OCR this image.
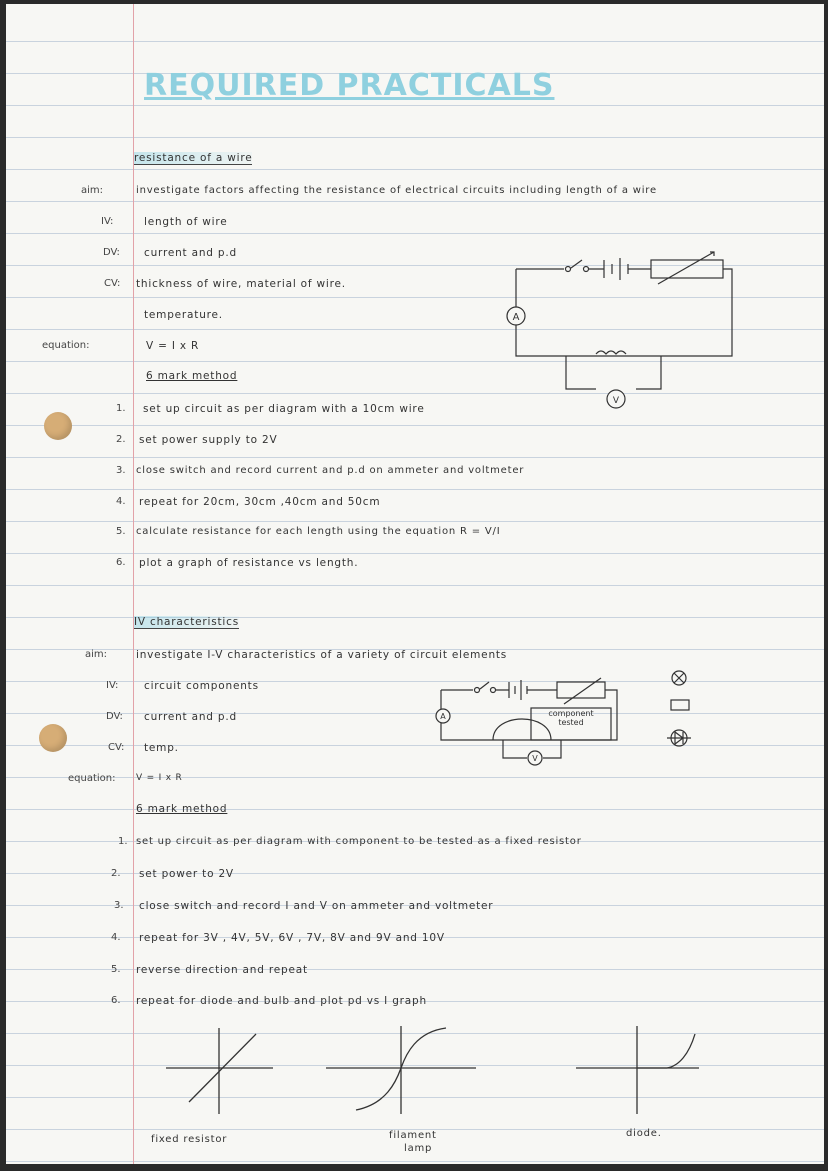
REQUIRED PRACTICALS
resistance of a wire
aim:	investigate factors affecting the resistance of electrical circuits including length of a wire
IV:	length of wire
DV: current and p.d
CV: thickness of wire, material of wire.
temperature.
equation:	V = I x R
6 mark method
1. set up circuit as per diagram with a 10cm wire
2. set power supply to 2V
3. close switch and record current and p.d on ammeter and voltmeter
4. repeat for 20cm, 30cm ,40cm and 50cm
5. calculate resistance for each length using the equation R = V/I
6. plot a graph of resistance vs length.
A
V
IV characteristics
aim:	investigate I-V characteristics of a variety of circuit elements
IV: circuit components
DV: current and p.d
CV: temp.
equation: V = I x R
6 mark method
1. set up circuit as per diagram with component to be tested as a fixed resistor
2. set power to 2V
3. close switch and record I and V on ammeter and voltmeter
4. repeat for 3V , 4V, 5V, 6V , 7V, 8V and 9V and 10V
5. reverse direction and repeat
6. repeat for diode and bulb and plot pd vs I graph
A
V
component
tested
fixed resistor	filament
lamp
diode.
